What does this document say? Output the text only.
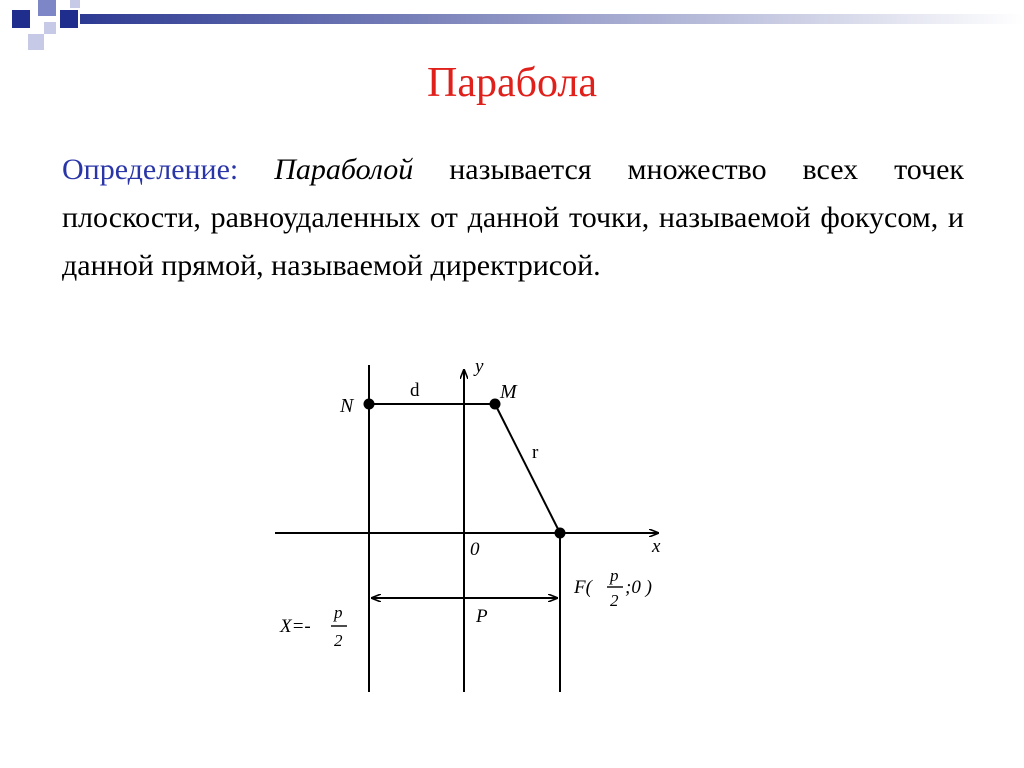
Парабола
Определение: Параболой называется множество всех точек плоскости, равноудаленных от данной точки, называемой фокусом, и данной прямой, называемой директрисой.
N
M
d
r
y
x
0
P
F(
p
2
;0 )
X=-
p
2
